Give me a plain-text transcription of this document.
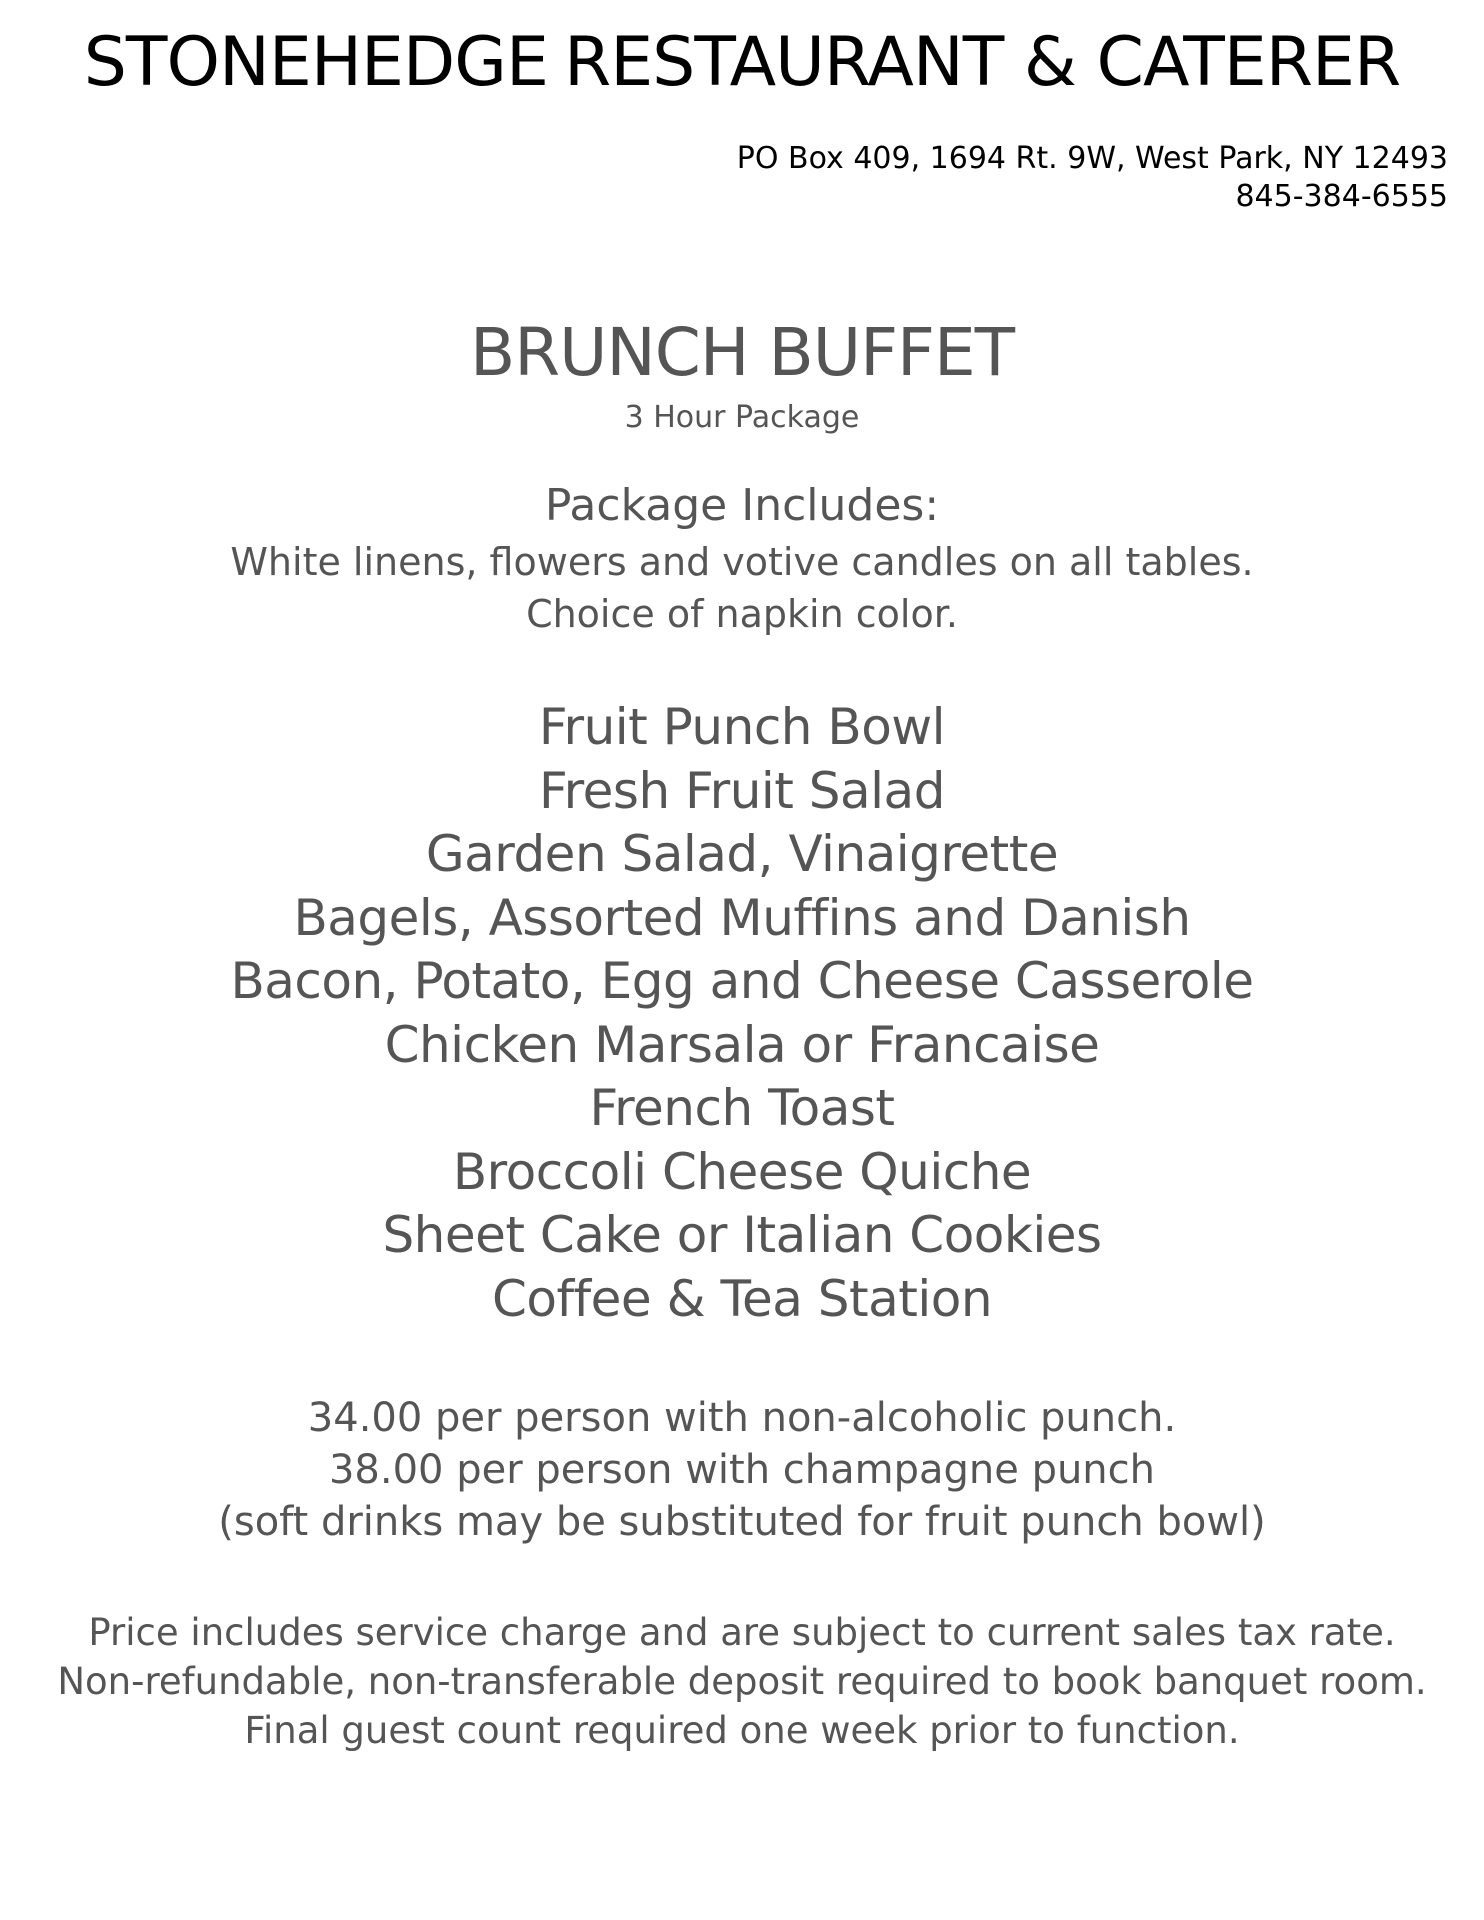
STONEHEDGE RESTAURANT & CATERER
PO Box 409, 1694 Rt. 9W, West Park, NY 12493
845-384-6555
BRUNCH BUFFET
3 Hour Package
Package Includes:
White linens, flowers and votive candles on all tables.
Choice of napkin color.
Fruit Punch Bowl
Fresh Fruit Salad
Garden Salad, Vinaigrette
Bagels, Assorted Muffins and Danish
Bacon, Potato, Egg and Cheese Casserole
Chicken Marsala or Francaise
French Toast
Broccoli Cheese Quiche
Sheet Cake or Italian Cookies
Coffee & Tea Station
34.00 per person with non-alcoholic punch.
38.00 per person with champagne punch
(soft drinks may be substituted for fruit punch bowl)
Price includes service charge and are subject to current sales tax rate.
Non-refundable, non-transferable deposit required to book banquet room.
Final guest count required one week prior to function.
